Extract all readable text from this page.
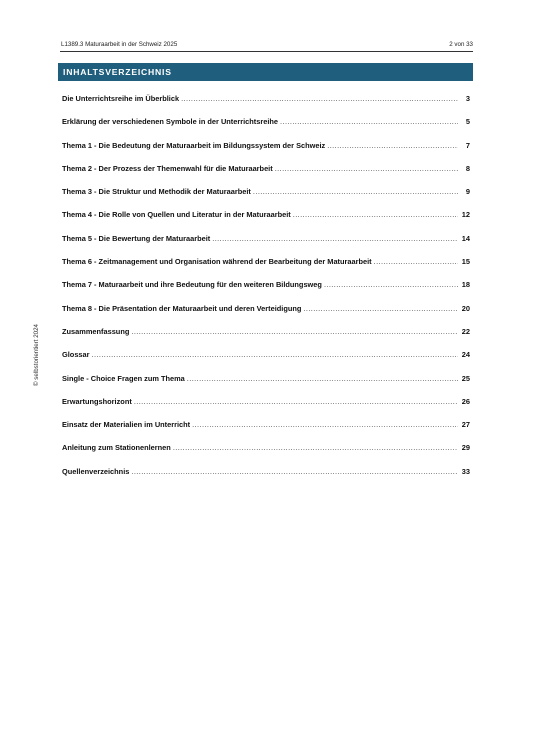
L1389.3 Maturaarbeit in der Schweiz 2025	2 von 33
INHALTSVERZEICHNIS
Die Unterrichtsreihe im Überblick .....	3
Erklärung der verschiedenen Symbole in der Unterrichtsreihe .....	5
Thema 1 - Die Bedeutung der Maturaarbeit im Bildungssystem der Schweiz .....	7
Thema 2 - Der Prozess der Themenwahl für die Maturaarbeit .....	8
Thema 3 - Die Struktur und Methodik der Maturaarbeit .....	9
Thema 4 - Die Rolle von Quellen und Literatur in der Maturaarbeit .....	12
Thema 5 - Die Bewertung der Maturaarbeit .....	14
Thema 6 - Zeitmanagement und Organisation während der Bearbeitung der Maturaarbeit .....	15
Thema 7 - Maturaarbeit und ihre Bedeutung für den weiteren Bildungsweg .....	18
Thema 8 - Die Präsentation der Maturaarbeit und deren Verteidigung .....	20
Zusammenfassung .....	22
Glossar .....	24
Single - Choice Fragen zum Thema .....	25
Erwartungshorizont .....	26
Einsatz der Materialien im Unterricht .....	27
Anleitung zum Stationenlernen .....	29
Quellenverzeichnis .....	33
© selbstorientiert 2024
